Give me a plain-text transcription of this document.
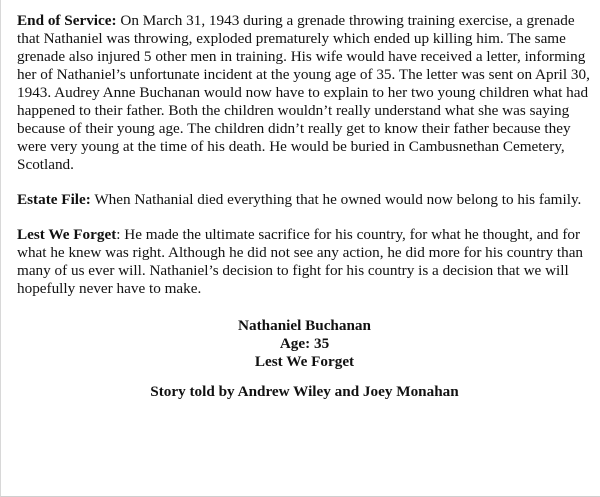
End of Service: On March 31, 1943 during a grenade throwing training exercise, a grenade that Nathaniel was throwing, exploded prematurely which ended up killing him. The same grenade also injured 5 other men in training. His wife would have received a letter, informing her of Nathaniel’s unfortunate incident at the young age of 35. The letter was sent on April 30, 1943. Audrey Anne Buchanan would now have to explain to her two young children what had happened to their father. Both the children wouldn’t really understand what she was saying because of their young age. The children didn’t really get to know their father because they were very young at the time of his death. He would be buried in Cambusnethan Cemetery, Scotland.

Estate File: When Nathanial died everything that he owned would now belong to his family.

Lest We Forget: He made the ultimate sacrifice for his country, for what he thought, and for what he knew was right. Although he did not see any action, he did more for his country than many of us ever will. Nathaniel’s decision to fight for his country is a decision that we will hopefully never have to make.

Nathaniel Buchanan
Age: 35
Lest We Forget
Story told by Andrew Wiley and Joey Monahan
